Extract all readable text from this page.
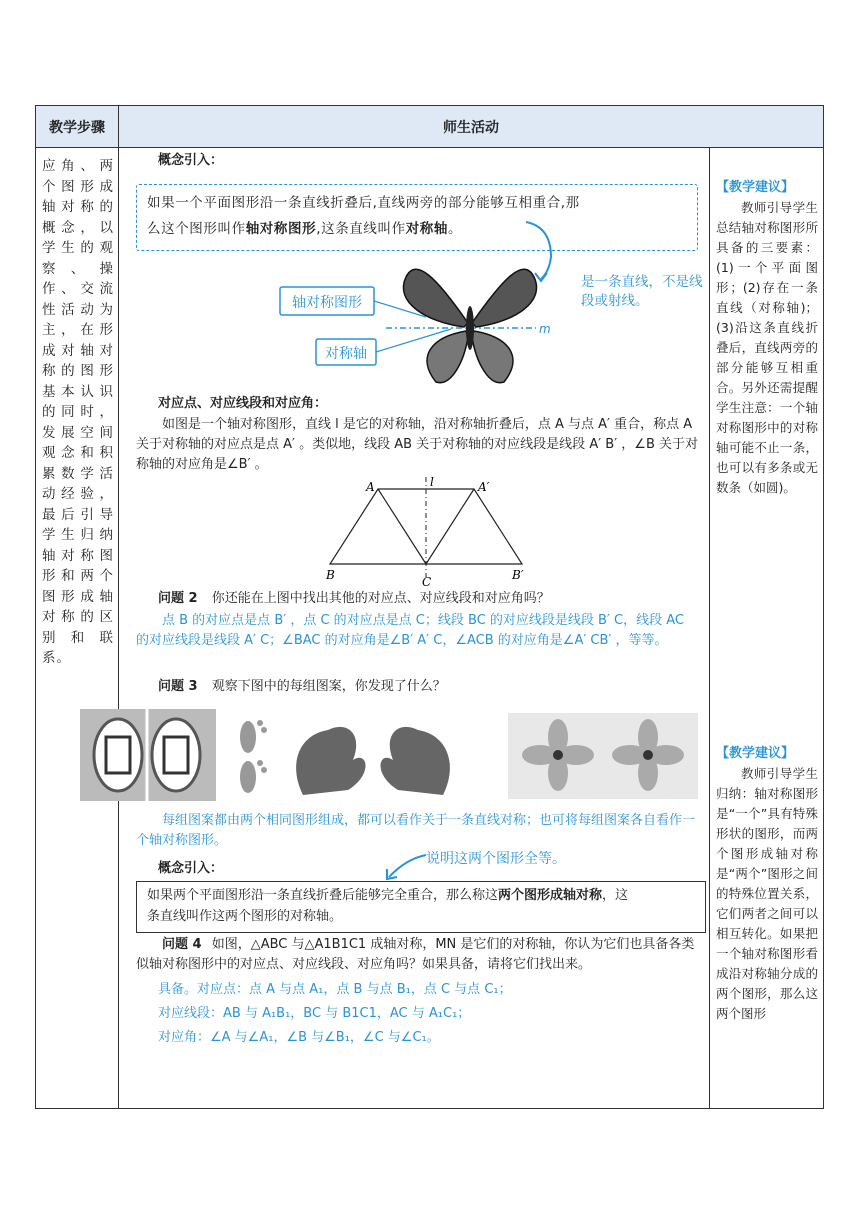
教学步骤	师生活动
应角、两个图形成轴对称的概念，以学生的观察、操作、交流性活动为主，在形成对轴对称的图形基本认识的同时，发展空间观念和积累数学活动经验，最后引导学生归纳轴对称图形和两个图形成轴对称的区别和联系。
【教学建议】
教师引导学生总结轴对称图形所具备的三要素：(1)一个平面图形；(2)存在一条直线（对称轴)；(3)沿这条直线折叠后，直线两旁的部分能够互相重合。另外还需提醒学生注意：一个轴对称图形中的对称轴可能不止一条，也可以有多条或无数条（如圆)。
【教学建议】
教师引导学生归纳：轴对称图形是“一个”具有特殊形状的图形，而两个图形成轴对称是“两个”图形之间的特殊位置关系，它们两者之间可以相互转化。如果把一个轴对称图形看成沿对称轴分成的两个图形，那么这两个图形
概念引入：
如果一个平面图形沿一条直线折叠后,直线两旁的部分能够互相重合,那
么这个图形叫作轴对称图形,这条直线叫作对称轴。
是一条直线，不是线段或射线。
轴对称图形
对称轴
m
对应点、对应线段和对应角：
如图是一个轴对称图形，直线 l 是它的对称轴，沿对称轴折叠后，点 A 与点 A′ 重合，称点 A 关于对称轴的对应点是点 A′ 。类似地，线段 AB 关于对称轴的对应线段是线段 A′ B′ ，∠B 关于对称轴的对应角是∠B′ 。
A	A′
B	B′
C
l
问题 2 你还能在上图中找出其他的对应点、对应线段和对应角吗？
点 B 的对应点是点 B′ ，点 C 的对应点是点 C；线段 BC 的对应线段是线段 B′ C，线段 AC 的对应线段是线段 A′ C；∠BAC 的对应角是∠B′ A′ C，∠ACB 的对应角是∠A′ CB′ ，等等。
问题 3 观察下图中的每组图案，你发现了什么？
每组图案都由两个相同图形组成，都可以看作关于一条直线对称；也可将每组图案各自看作一个轴对称图形。
概念引入：
说明这两个图形全等。
如果两个平面图形沿一条直线折叠后能够完全重合，那么称这两个图形成轴对称，这
条直线叫作这两个图形的对称轴。
问题 4 如图，△ABC 与△A1B1C1 成轴对称，MN 是它们的对称轴，你认为它们也具备各类似轴对称图形中的对应点、对应线段、对应角吗？如果具备，请将它们找出来。
具备。对应点：点 A 与点 A₁，点 B 与点 B₁，点 C 与点 C₁；
对应线段：AB 与 A₁B₁，BC 与 B1C1，AC 与 A₁C₁；
对应角：∠A 与∠A₁，∠B 与∠B₁，∠C 与∠C₁。
